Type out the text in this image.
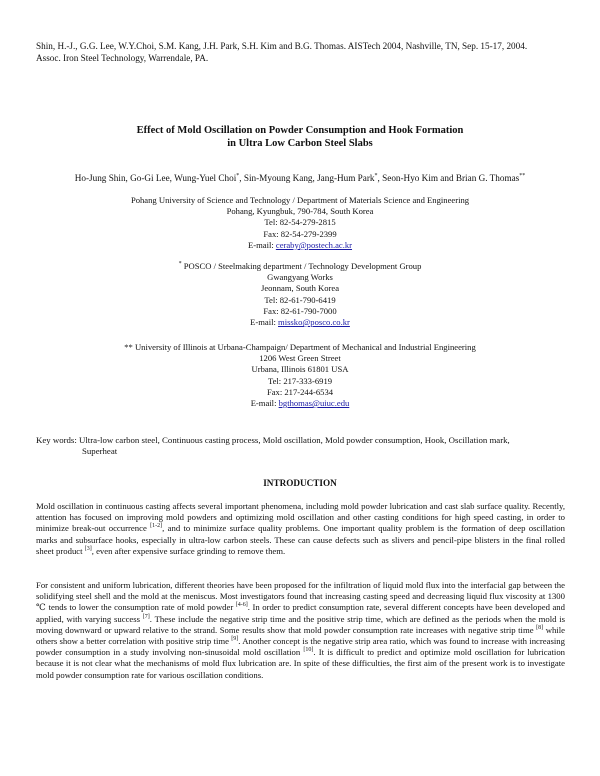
Shin, H.-J., G.G. Lee, W.Y.Choi, S.M. Kang, J.H. Park, S.H. Kim and B.G. Thomas. AISTech 2004, Nashville, TN, Sep. 15-17, 2004.
Assoc. Iron Steel Technology, Warrendale, PA.
Effect of Mold Oscillation on Powder Consumption and Hook Formation
in Ultra Low Carbon Steel Slabs
Ho-Jung Shin, Go-Gi Lee, Wung-Yuel Choi*, Sin-Myoung Kang, Jang-Hum Park*, Seon-Hyo Kim and Brian G. Thomas**
Pohang University of Science and Technology / Department of Materials Science and Engineering
Pohang, Kyungbuk, 790-784, South Korea
Tel: 82-54-279-2815
Fax: 82-54-279-2399
E-mail: ceraby@postech.ac.kr
* POSCO / Steelmaking department / Technology Development Group
Gwangyang Works
Jeonnam, South Korea
Tel: 82-61-790-6419
Fax: 82-61-790-7000
E-mail: missko@posco.co.kr
** University of Illinois at Urbana-Champaign/ Department of Mechanical and Industrial Engineering
1206 West Green Street
Urbana, Illinois 61801 USA
Tel: 217-333-6919
Fax: 217-244-6534
E-mail: bgthomas@uiuc.edu
Key words: Ultra-low carbon steel, Continuous casting process, Mold oscillation, Mold powder consumption, Hook, Oscillation mark,
Superheat
INTRODUCTION
Mold oscillation in continuous casting affects several important phenomena, including mold powder lubrication and cast slab surface quality. Recently, attention has focused on improving mold powders and optimizing mold oscillation and other casting conditions for high speed casting, in order to minimize break-out occurrence [1-2], and to minimize surface quality problems. One important quality problem is the formation of deep oscillation marks and subsurface hooks, especially in ultra-low carbon steels. These can cause defects such as slivers and pencil-pipe blisters in the final rolled sheet product [3], even after expensive surface grinding to remove them.
For consistent and uniform lubrication, different theories have been proposed for the infiltration of liquid mold flux into the interfacial gap between the solidifying steel shell and the mold at the meniscus. Most investigators found that increasing casting speed and decreasing liquid flux viscosity at 1300 ℃ tends to lower the consumption rate of mold powder [4-6]. In order to predict consumption rate, several different concepts have been developed and applied, with varying success [7]. These include the negative strip time and the positive strip time, which are defined as the periods when the mold is moving downward or upward relative to the strand. Some results show that mold powder consumption rate increases with negative strip time [8] while others show a better correlation with positive strip time [9]. Another concept is the negative strip area ratio, which was found to increase with increasing powder consumption in a study involving non-sinusoidal mold oscillation [10]. It is difficult to predict and optimize mold oscillation for lubrication because it is not clear what the mechanisms of mold flux lubrication are. In spite of these difficulties, the first aim of the present work is to investigate mold powder consumption rate for various oscillation conditions.
